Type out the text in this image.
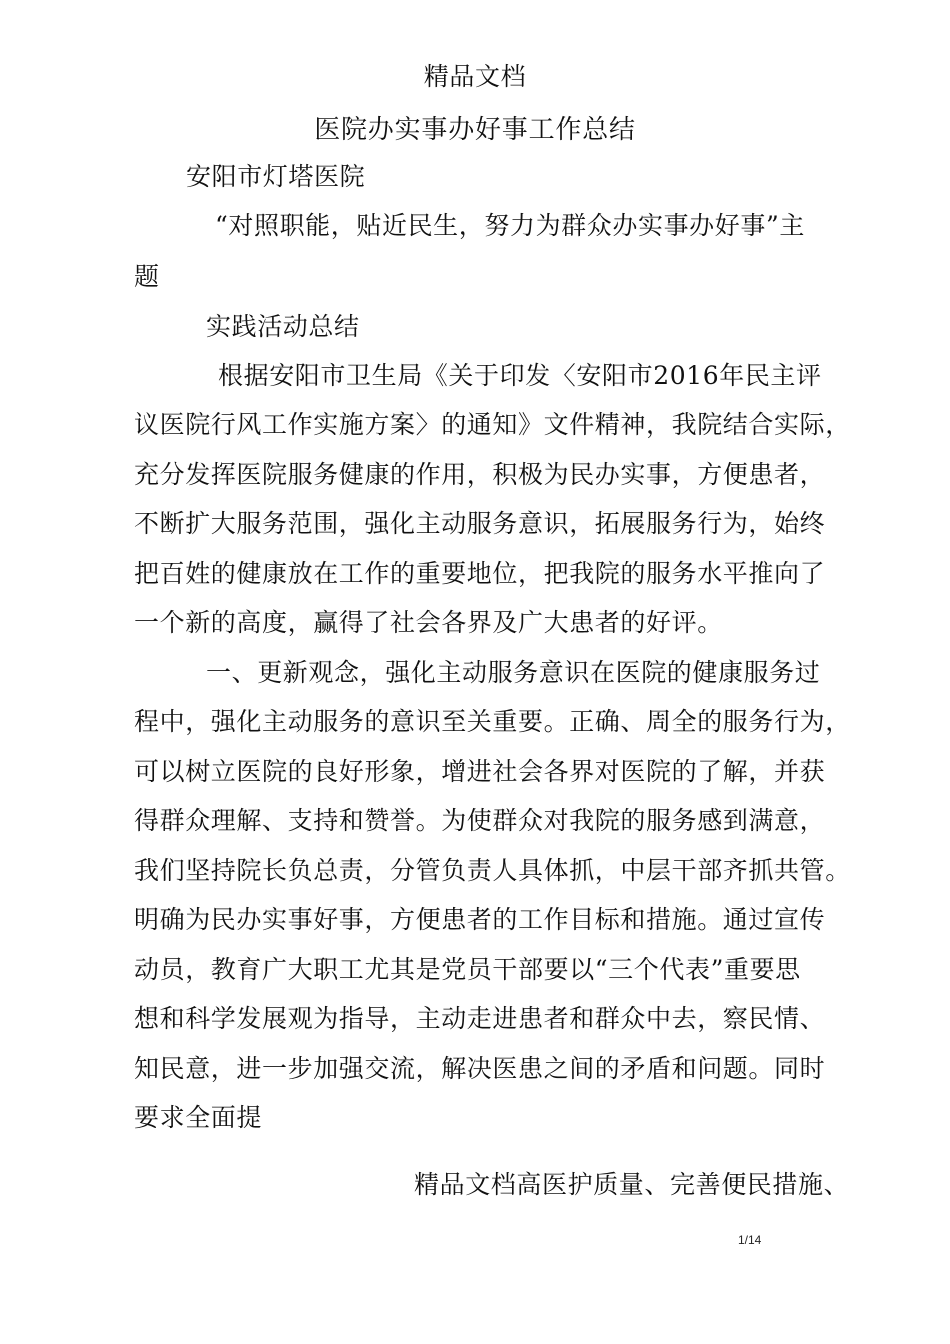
精品文档
医院办实事办好事工作总结
安阳市灯塔医院
“对照职能，贴近民生，努力为群众办实事办好事”主
题
实践活动总结
根据安阳市卫生局《关于印发〈安阳市2016年民主评
议医院行风工作实施方案〉的通知》文件精神，我院结合实际，
充分发挥医院服务健康的作用，积极为民办实事，方便患者，
不断扩大服务范围，强化主动服务意识，拓展服务行为，始终
把百姓的健康放在工作的重要地位，把我院的服务水平推向了
一个新的高度，赢得了社会各界及广大患者的好评。
一、更新观念，强化主动服务意识在医院的健康服务过
程中，强化主动服务的意识至关重要。正确、周全的服务行为，
可以树立医院的良好形象，增进社会各界对医院的了解，并获
得群众理解、支持和赞誉。为使群众对我院的服务感到满意，
我们坚持院长负总责，分管负责人具体抓，中层干部齐抓共管。
明确为民办实事好事，方便患者的工作目标和措施。通过宣传
动员，教育广大职工尤其是党员干部要以“三个代表”重要思
想和科学发展观为指导，主动走进患者和群众中去，察民情、
知民意，进一步加强交流，解决医患之间的矛盾和问题。同时
要求全面提
精品文档高医护质量、完善便民措施、
1/14
